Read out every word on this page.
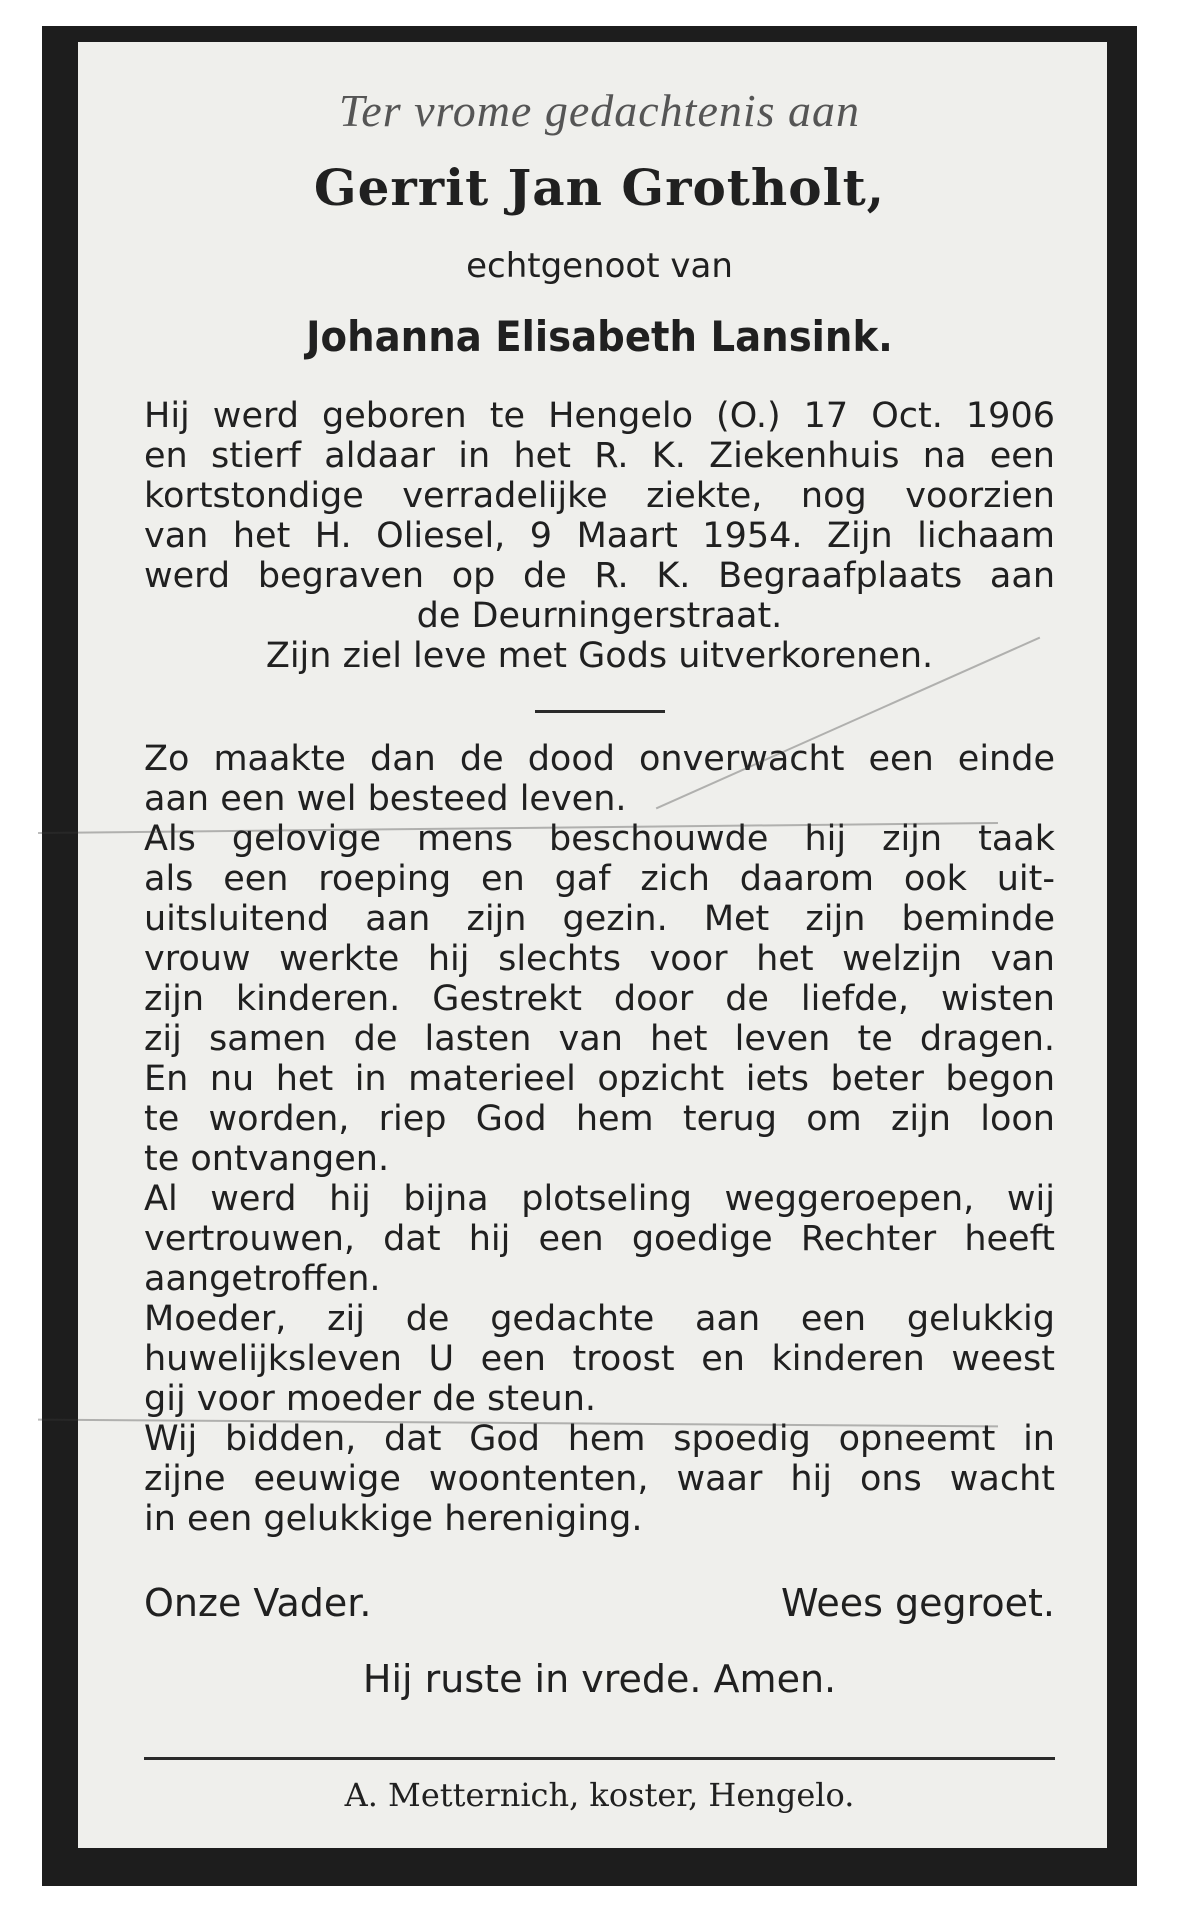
Ter vrome gedachtenis aan
Gerrit Jan Grotholt,
echtgenoot van
Johanna Elisabeth Lansink.
Hij werd geboren te Hengelo (O.) 17 Oct. 1906
en stierf aldaar in het R. K. Ziekenhuis na een
kortstondige verradelijke ziekte, nog voorzien
van het H. Oliesel, 9 Maart 1954. Zijn lichaam
werd begraven op de R. K. Begraafplaats aan
de Deurningerstraat.
Zijn ziel leve met Gods uitverkorenen.
Zo maakte dan de dood onverwacht een einde
aan een wel besteed leven.
Als gelovige mens beschouwde hij zijn taak
als een roeping en gaf zich daarom ook uit-
uitsluitend aan zijn gezin. Met zijn beminde
vrouw werkte hij slechts voor het welzijn van
zijn kinderen. Gestrekt door de liefde, wisten
zij samen de lasten van het leven te dragen.
En nu het in materieel opzicht iets beter begon
te worden, riep God hem terug om zijn loon
te ontvangen.
Al werd hij bijna plotseling weggeroepen, wij
vertrouwen, dat hij een goedige Rechter heeft
aangetroffen.
Moeder, zij de gedachte aan een gelukkig
huwelijksleven U een troost en kinderen weest
gij voor moeder de steun.
Wij bidden, dat God hem spoedig opneemt in
zijne eeuwige woontenten, waar hij ons wacht
in een gelukkige hereniging.
Onze Vader.	Wees gegroet.
Hij ruste in vrede. Amen.
A. Metternich, koster, Hengelo.
